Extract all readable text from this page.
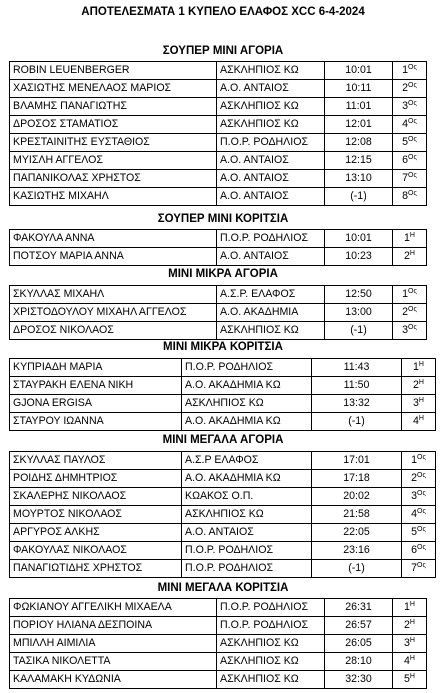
ΑΠΟΤΕΛΕΣΜΑΤΑ 1 ΚΥΠΕΛΟ ΕΛΑΦΟΣ XCC 6-4-2024
ΣΟΥΠΕΡ ΜΙΝΙ ΑΓΟΡΙΑ
ROBIN LEUENBERGER	ΑΣΚΛΗΠΙΟΣ ΚΩ	10:01	$1^{O\varsigma}$
ΧΑΣΙΩΤΗΣ ΜΕΝΕΛΑΟΣ ΜΑΡΙΟΣ	Α.Ο. ΑΝΤΑΙΟΣ	10:11	$2^{O\varsigma}$
ΒΛΑΜΗΣ ΠΑΝΑΓΙΩΤΗΣ	ΑΣΚΛΗΠΙΟΣ ΚΩ	11:01	$3^{O\varsigma}$
ΔΡΟΣΟΣ ΣΤΑΜΑΤΙΟΣ	ΑΣΚΛΗΠΙΟΣ ΚΩ	12:01	$4^{O\varsigma}$
ΚΡΕΣΤΑΙΝΙΤΗΣ ΕΥΣΤΑΘΙΟΣ	Π.Ο.Ρ. ΡΟΔΗΛΙΟΣ	12:08	$5^{O\varsigma}$
ΜΥΙΣΛΗ ΑΓΓΕΛΟΣ	Α.Ο. ΑΝΤΑΙΟΣ	12:15	$6^{O\varsigma}$
ΠΑΠΑΝΙΚΟΛΑΣ ΧΡΗΣΤΟΣ	Α.Ο. ΑΝΤΑΙΟΣ	13:10	$7^{O\varsigma}$
ΚΑΣΙΩΤΗΣ ΜΙΧΑΗΛ	Α.Ο. ΑΝΤΑΙΟΣ	(-1)	$8^{O\varsigma}$
ΣΟΥΠΕΡ ΜΙΝΙ ΚΟΡΙΤΣΙΑ
ΦΑΚΟΥΛΑ ΑΝΝΑ	Π.Ο.Ρ. ΡΟΔΗΛΙΟΣ	10:01	$1^H$
ΠΟΤΣΟΥ ΜΑΡΙΑ ΑΝΝΑ	Α.Ο. ΑΝΤΑΙΟΣ	10:23	$2^H$
ΜΙΝΙ ΜΙΚΡΑ ΑΓΟΡΙΑ
ΣΚΥΛΛΑΣ ΜΙΧΑΗΛ	Α.Σ.Ρ. ΕΛΑΦΟΣ	12:50	$1^{O\varsigma}$
ΧΡΙΣΤΟΔΟΥΛΟΥ ΜΙΧΑΗΛ ΑΓΓΕΛΟΣ	Α.Ο. ΑΚΑΔΗΜΙΑ	13:00	$2^{O\varsigma}$
ΔΡΟΣΟΣ ΝΙΚΟΛΑΟΣ	ΑΣΚΛΗΠΙΟΣ ΚΩ	(-1)	$3^{O\varsigma}$
ΜΙΝΙ ΜΙΚΡΑ ΚΟΡΙΤΣΙΑ
ΚΥΠΡΙΑΔΗ ΜΑΡΙΑ	Π.Ο.Ρ. ΡΟΔΗΛΙΟΣ	11:43	$1^H$
ΣΤΑΥΡΑΚΗ ΕΛΕΝΑ ΝΙΚΗ	Α.Ο. ΑΚΑΔΗΜΙΑ ΚΩ	11:50	$2^H$
GJONA ERGISA	ΑΣΚΛΗΠΙΟΣ ΚΩ	13:32	$3^H$
ΣΤΑΥΡΟΥ ΙΩΑΝΝΑ	Α.Ο. ΑΚΑΔΗΜΙΑ ΚΩ	(-1)	$4^H$
ΜΙΝΙ ΜΕΓΑΛΑ ΑΓΟΡΙΑ
ΣΚΥΛΛΑΣ ΠΑΥΛΟΣ	Α.Σ.Ρ ΕΛΑΦΟΣ	17:01	$1^{O\varsigma}$
ΡΟΙΔΗΣ ΔΗΜΗΤΡΙΟΣ	Α.Ο. ΑΚΑΔΗΜΙΑ ΚΩ	17:18	$2^{O\varsigma}$
ΣΚΑΛΕΡΗΣ ΝΙΚΟΛΑΟΣ	ΚΩΑΚΟΣ Ο.Π.	20:02	$3^{O\varsigma}$
ΜΟΥΡΤΟΣ ΝΙΚΟΛΑΟΣ	ΑΣΚΛΗΠΙΟΣ ΚΩ	21:58	$4^{O\varsigma}$
ΑΡΓΥΡΟΣ ΑΛΚΗΣ	Α.Ο. ΑΝΤΑΙΟΣ	22:05	$5^{O\varsigma}$
ΦΑΚΟΥΛΑΣ ΝΙΚΟΛΑΟΣ	Π.Ο.Ρ. ΡΟΔΗΛΙΟΣ	23:16	$6^{O\varsigma}$
ΠΑΝΑΓΙΩΤΙΔΗΣ ΧΡΗΣΤΟΣ	Π.Ο.Ρ. ΡΟΔΗΛΙΟΣ	(-1)	$7^{O\varsigma}$
ΜΙΝΙ ΜΕΓΑΛΑ ΚΟΡΙΤΣΙΑ
ΦΩΚΙΑΝΟΥ ΑΓΓΕΛΙΚΗ ΜΙΧΑΕΛΑ	Π.Ο.Ρ. ΡΟΔΗΛΙΟΣ	26:31	$1^H$
ΠΟΡΙΟΥ ΗΛΙΑΝΑ ΔΕΣΠΟΙΝΑ	Π.Ο.Ρ. ΡΟΔΗΛΙΟΣ	26:57	$2^H$
ΜΠΙΛΛΗ ΑΙΜΙΛΙΑ	ΑΣΚΛΗΠΙΟΣ ΚΩ	26:05	$3^H$
ΤΑΣΙΚΑ ΝΙΚΟΛΕΤΤΑ	ΑΣΚΛΗΠΙΟΣ ΚΩ	28:10	$4^H$
ΚΑΛΑΜΑΚΗ ΚΥΔΩΝΙΑ	ΑΣΚΛΗΠΙΟΣ ΚΩ	32:30	$5^H$
